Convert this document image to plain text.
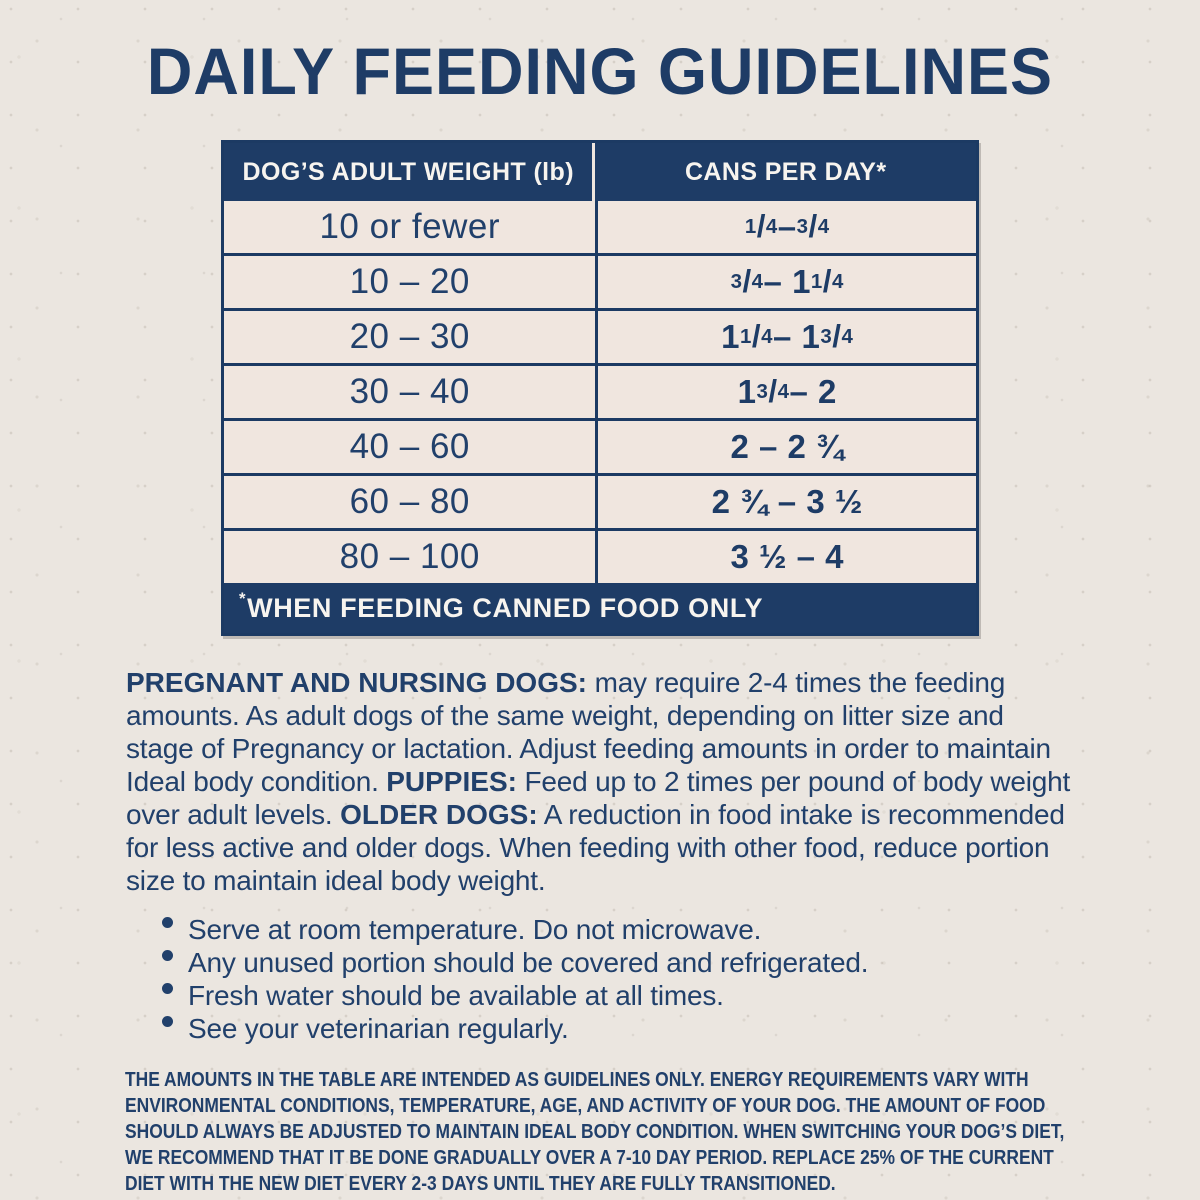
DAILY FEEDING GUIDELINES
DOG’S ADULT WEIGHT (lb)	CANS PER DAY*
10 or fewer	1 / 4 – 3 / 4
10 – 20	3 / 4 – 1 1 / 4
20 – 30	1 1 / 4 – 1 3 / 4
30 – 40	1 3 / 4 – 2
40 – 60	2 – 2 ¾
60 – 80	2 ¾ – 3 ½
80 – 100	3 ½ – 4
* WHEN FEEDING CANNED FOOD ONLY

PREGNANT AND NURSING DOGS: may require 2-4 times the feeding amounts. As adult dogs of the same weight, depending on litter size and stage of Pregnancy or lactation. Adjust feeding amounts in order to maintain Ideal body condition. PUPPIES: Feed up to 2 times per pound of body weight over adult levels. OLDER DOGS: A reduction in food intake is recommended for less active and older dogs. When feeding with other food, reduce portion size to maintain ideal body weight.

Serve at room temperature. Do not microwave.
Any unused portion should be covered and refrigerated.
Fresh water should be available at all times.
See your veterinarian regularly.

THE AMOUNTS IN THE TABLE ARE INTENDED AS GUIDELINES ONLY. ENERGY REQUIREMENTS VARY WITH ENVIRONMENTAL CONDITIONS, TEMPERATURE, AGE, AND ACTIVITY OF YOUR DOG. THE AMOUNT OF FOOD SHOULD ALWAYS BE ADJUSTED TO MAINTAIN IDEAL BODY CONDITION. WHEN SWITCHING YOUR DOG’S DIET, WE RECOMMEND THAT IT BE DONE GRADUALLY OVER A 7-10 DAY PERIOD. REPLACE 25% OF THE CURRENT DIET WITH THE NEW DIET EVERY 2-3 DAYS UNTIL THEY ARE FULLY TRANSITIONED.
